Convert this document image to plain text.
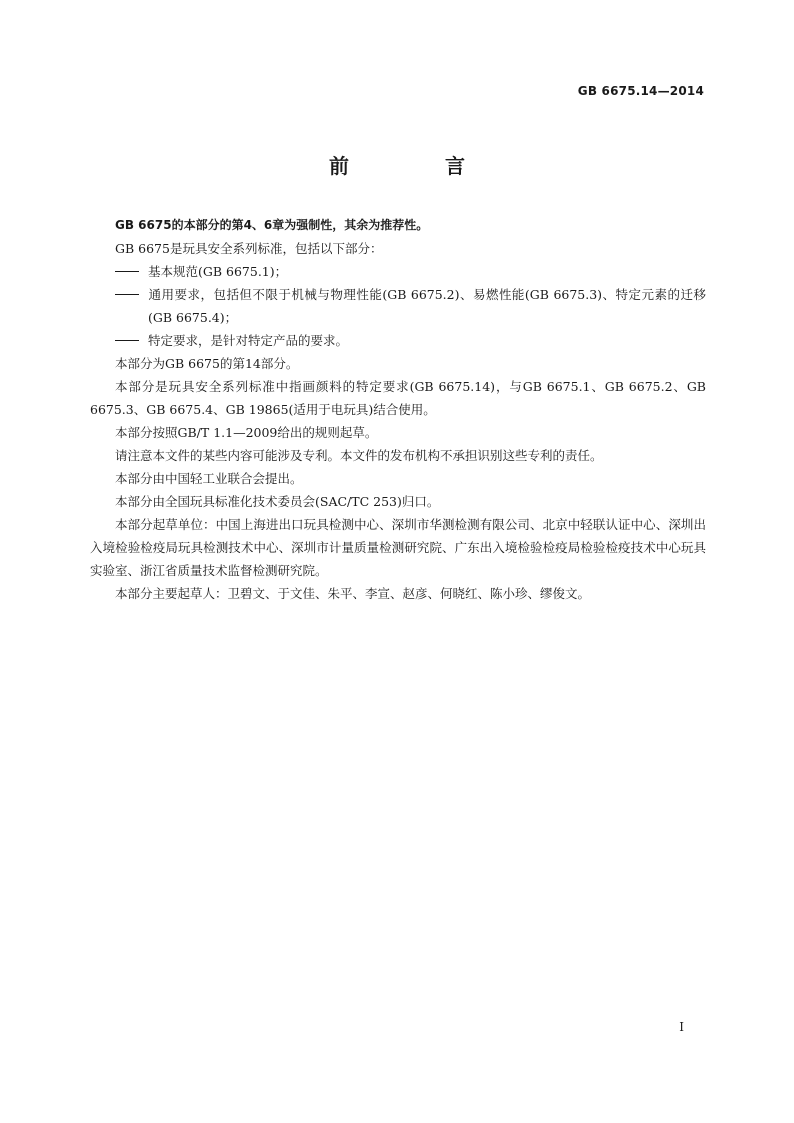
GB 6675.14—2014
前　言

GB 6675的本部分的第4、6章为强制性，其余为推荐性。

GB 6675是玩具安全系列标准，包括以下部分：

基本规范(GB 6675.1)；

通用要求，包括但不限于机械与物理性能(GB 6675.2)、易燃性能(GB 6675.3)、特定元素的迁移(GB 6675.4)；

特定要求，是针对特定产品的要求。

本部分为GB 6675的第14部分。

本部分是玩具安全系列标准中指画颜料的特定要求(GB 6675.14)，与GB 6675.1、GB 6675.2、GB 6675.3、GB 6675.4、GB 19865(适用于电玩具)结合使用。

本部分按照GB/T 1.1—2009给出的规则起草。

请注意本文件的某些内容可能涉及专利。本文件的发布机构不承担识别这些专利的责任。

本部分由中国轻工业联合会提出。

本部分由全国玩具标准化技术委员会(SAC/TC 253)归口。

本部分起草单位：中国上海进出口玩具检测中心、深圳市华测检测有限公司、北京中轻联认证中心、深圳出入境检验检疫局玩具检测技术中心、深圳市计量质量检测研究院、广东出入境检验检疫局检验检疫技术中心玩具实验室、浙江省质量技术监督检测研究院。

本部分主要起草人：卫碧文、于文佳、朱平、李宣、赵彦、何晓红、陈小珍、缪俊文。

I
